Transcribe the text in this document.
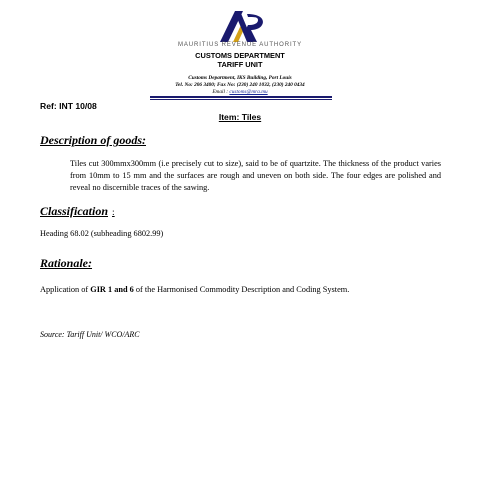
MAURITIUS REVENUE AUTHORITY
CUSTOMS DEPARTMENT
TARIFF UNIT
Customs Department, IKS Building, Port Louis
Tel. No: 206 3400; Fax No: (230) 240 1032, (230) 240 0434
Email : customs@mra.mu
Ref: INT 10/08
Item: Tiles
Description of goods:
Tiles cut 300mmx300mm (i.e precisely cut to size), said to be of quartzite. The thickness of the product varies from 10mm to 15 mm and the surfaces are rough and uneven on both side. The four edges are polished and reveal no discernible traces of the sawing.
Classification :
Heading 68.02 (subheading 6802.99)
Rationale:
Application of GIR 1 and 6 of the Harmonised Commodity Description and Coding System.
Source: Tariff Unit/ WCO/ARC
